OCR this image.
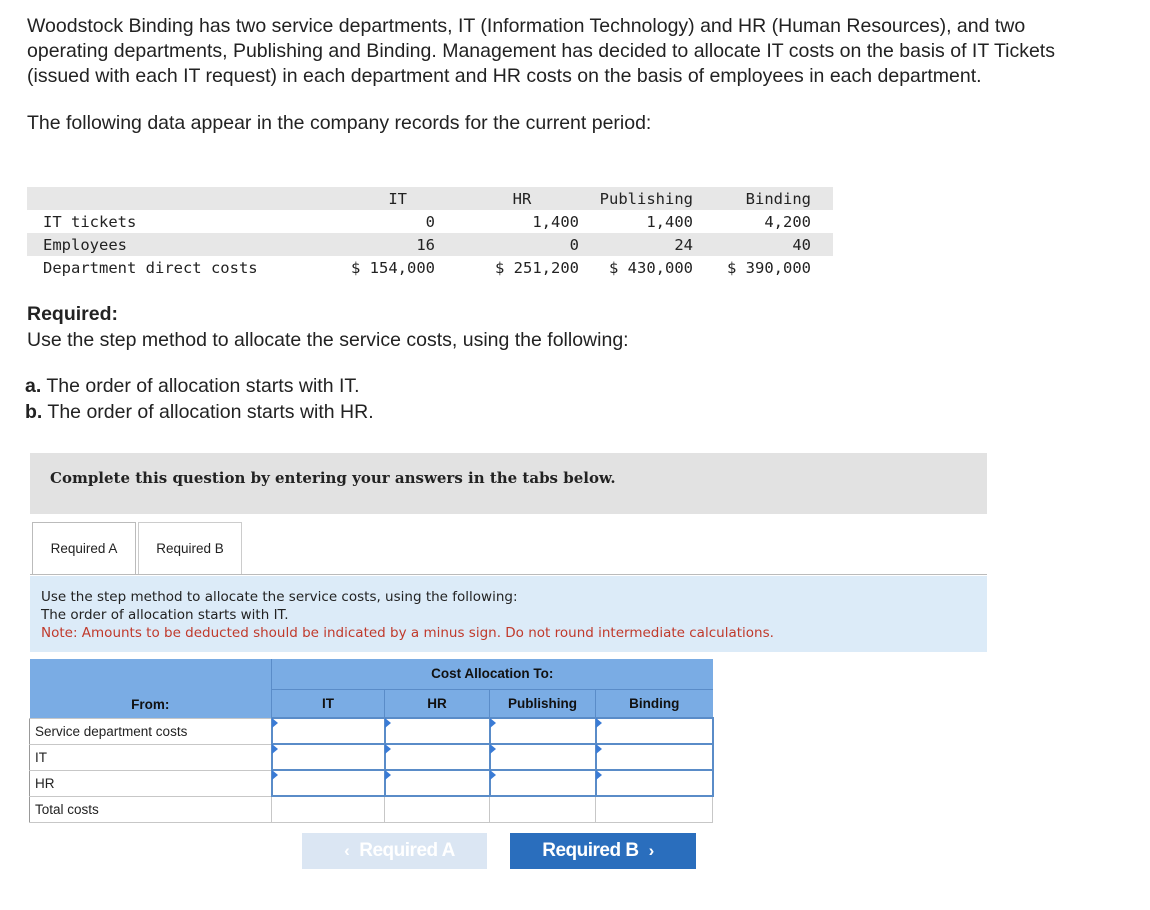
Woodstock Binding has two service departments, IT (Information Technology) and HR (Human Resources), and two operating departments, Publishing and Binding. Management has decided to allocate IT costs on the basis of IT Tickets (issued with each IT request) in each department and HR costs on the basis of employees in each department.

The following data appear in the company records for the current period:

	IT	HR	Publishing	Binding
IT tickets	0	1,400	1,400	4,200
Employees	16	0	24	40
Department direct costs	$ 154,000	$ 251,200	$ 430,000	$ 390,000
Required:
Use the step method to allocate the service costs, using the following:
a. The order of allocation starts with IT.
b. The order of allocation starts with HR.
Complete this question by entering your answers in the tabs below.
Required A	Required B
Use the step method to allocate the service costs, using the following:
The order of allocation starts with IT.
Note: Amounts to be deducted should be indicated by a minus sign. Do not round intermediate calculations.
From:	Cost Allocation To:			
	IT	HR	Publishing	Binding
Service department costs				
IT				
HR				
Total costs				
‹ Required A	Required B ›
